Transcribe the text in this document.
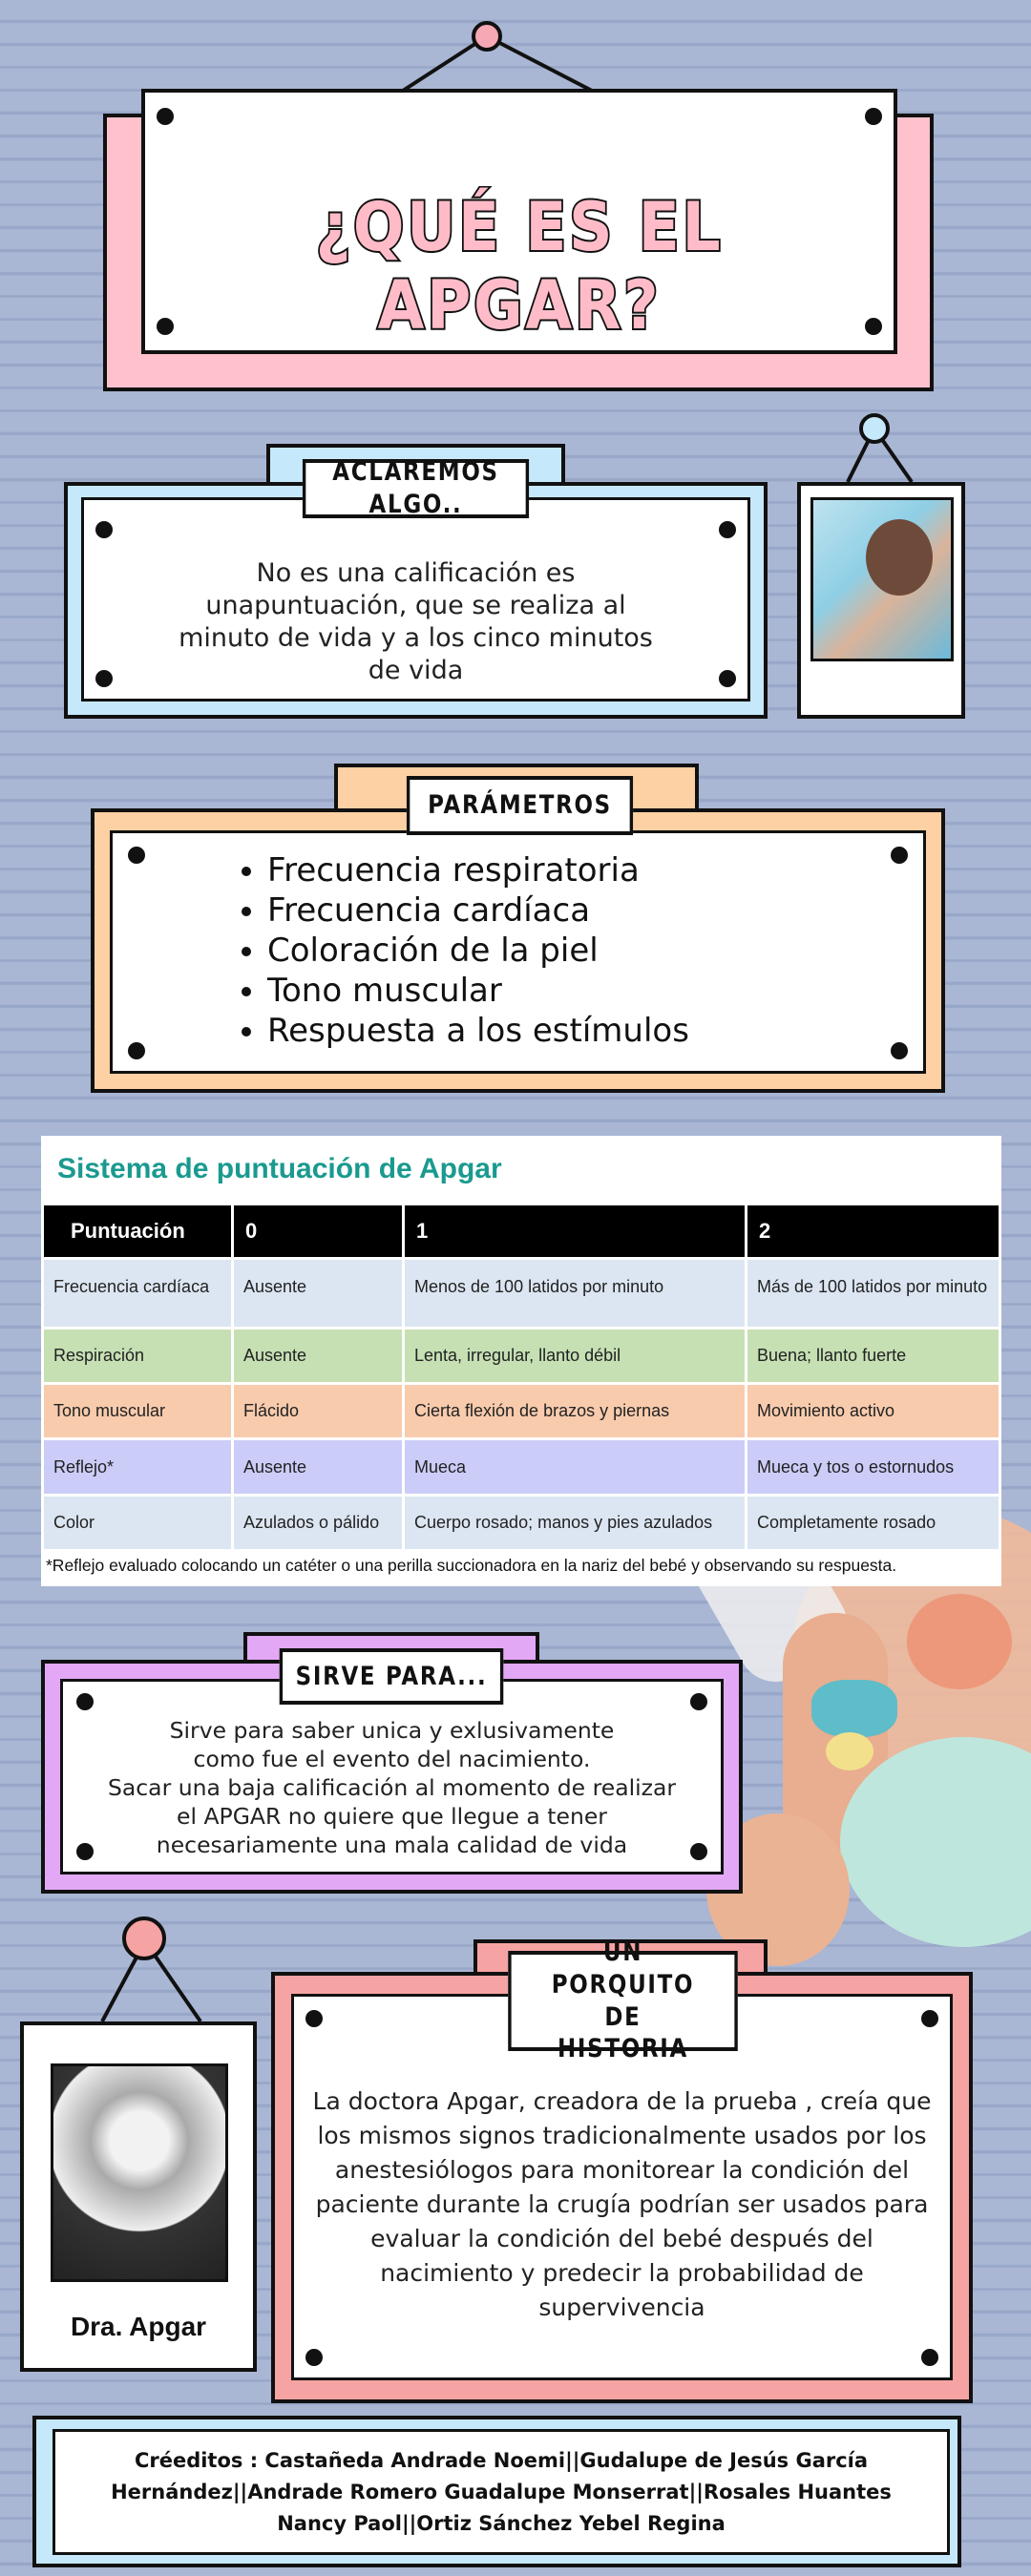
¿QUÉ ES EL APGAR?
No es una calificación es unapuntuación, que se realiza al minuto de vida y a los cinco minutos de vida
ACLAREMOS ALGO..
• Frecuencia respiratoria
• Frecuencia cardíaca
• Coloración de la piel
• Tono muscular
• Respuesta a los estímulos
PARÁMETROS
Sistema de puntuación de Apgar
Puntuación	0	1	2
Frecuencia cardíaca	Ausente	Menos de 100 latidos por minuto	Más de 100 latidos por minuto
Respiración	Ausente	Lenta, irregular, llanto débil	Buena; llanto fuerte
Tono muscular	Flácido	Cierta flexión de brazos y piernas	Movimiento activo
Reflejo*	Ausente	Mueca	Mueca y tos o estornudos
Color	Azulados o pálido	Cuerpo rosado; manos y pies azulados	Completamente rosado
*Reflejo evaluado colocando un catéter o una perilla succionadora en la nariz del bebé y observando su respuesta.
Sirve para saber unica y exlusivamente como fue el evento del nacimiento.
Sacar una baja calificación al momento de realizar el APGAR no quiere que llegue a tener necesariamente una mala calidad de vida
SIRVE PARA...
Dra. Apgar
La doctora Apgar, creadora de la prueba , creía que los mismos signos tradicionalmente usados por los anestesiólogos para monitorear la condición del paciente durante la crugía podrían ser usados para evaluar la condición del bebé después del nacimiento y predecir la probabilidad de supervivencia
UN PORQUITO DE HISTORIA
Créeditos : Castañeda Andrade Noemi||Gudalupe de Jesús García Hernández||Andrade Romero Guadalupe Monserrat||Rosales Huantes Nancy Paol||Ortiz Sánchez Yebel Regina
